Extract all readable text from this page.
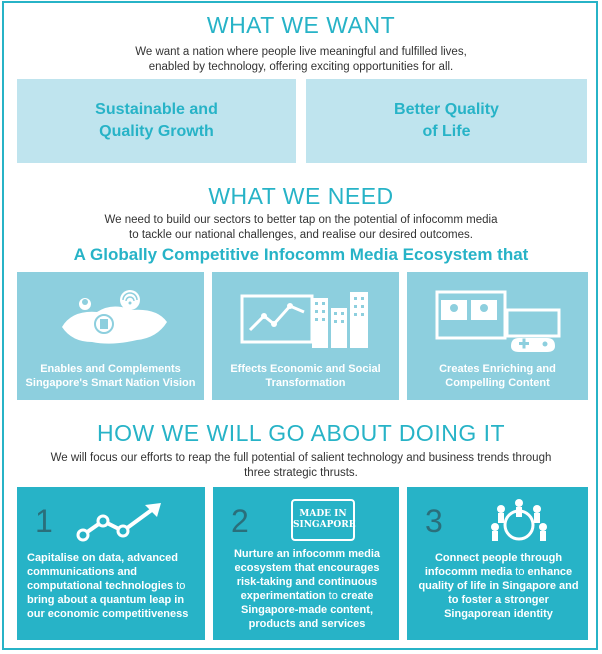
WHAT WE WANT
We want a nation where people live meaningful and fulfilled lives,
enabled by technology, offering exciting opportunities for all.
Sustainable and
Quality Growth
Better Quality
of Life
WHAT WE NEED
We need to build our sectors to better tap on the potential of infocomm media
to tackle our national challenges, and realise our desired outcomes.
A Globally Competitive Infocomm Media Ecosystem that
Enables and Complements
Singapore's Smart Nation Vision
Effects Economic and Social
Transformation
Creates Enriching and
Compelling Content
HOW WE WILL GO ABOUT DOING IT
We will focus our efforts to reap the full potential of salient technology and business trends through
three strategic thrusts.
1
Capitalise on data, advanced communications and computational technologies to bring about a quantum leap in our economic competitiveness
2	MADE IN
SINGAPORE
Nurture an infocomm media ecosystem that encourages risk-taking and continuous experimentation to create Singapore-made content, products and services
3
Connect people through infocomm media to enhance quality of life in Singapore and to foster a stronger Singaporean identity
